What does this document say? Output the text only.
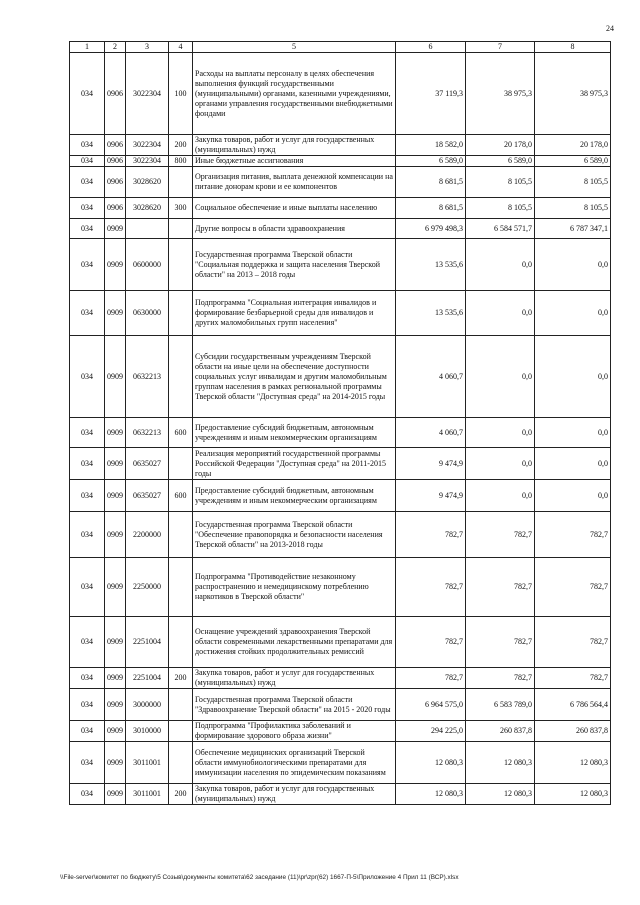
24
1	2	3	4	5	6	7	8
034	0906	3022304	100	Расходы на выплаты персоналу в целях обеспечения выполнения функций государственными (муниципальными) органами, казенными учреждениями, органами управления государственными внебюджетными фондами	37 119,3	38 975,3	38 975,3
034	0906	3022304	200	Закупка товаров, работ и услуг для государственных (муниципальных) нужд	18 582,0	20 178,0	20 178,0
034	0906	3022304	800	Иные бюджетные ассигнования	6 589,0	6 589,0	6 589,0
034	0906	3028620		Организация питания, выплата денежной компенсации на питание донорам крови и ее компонентов	8 681,5	8 105,5	8 105,5
034	0906	3028620	300	Социальное обеспечение и иные выплаты населению	8 681,5	8 105,5	8 105,5
034	0909			Другие вопросы в области здравоохранения	6 979 498,3	6 584 571,7	6 787 347,1
034	0909	0600000		Государственная программа Тверской области "Социальная поддержка и защита населения Тверской области" на 2013 – 2018 годы	13 535,6	0,0	0,0
034	0909	0630000		Подпрограмма "Социальная интеграция инвалидов и формирование безбарьерной среды для инвалидов и других маломобильных групп населения"	13 535,6	0,0	0,0
034	0909	0632213		Субсидии государственным учреждениям Тверской области на иные цели на обеспечение доступности социальных услуг инвалидам и другим маломобильным группам населения в рамках региональной программы Тверской области "Доступная среда" на 2014-2015 годы	4 060,7	0,0	0,0
034	0909	0632213	600	Предоставление субсидий бюджетным, автономным учреждениям и иным некоммерческим организациям	4 060,7	0,0	0,0
034	0909	0635027		Реализация мероприятий государственной программы Российской Федерации "Доступная среда" на 2011-2015 годы	9 474,9	0,0	0,0
034	0909	0635027	600	Предоставление субсидий бюджетным, автономным учреждениям и иным некоммерческим организациям	9 474,9	0,0	0,0
034	0909	2200000		Государственная программа Тверской области "Обеспечение правопорядка и безопасности населения Тверской области" на 2013-2018 годы	782,7	782,7	782,7
034	0909	2250000		Подпрограмма "Противодействие незаконному распространению и немедицинскому потреблению наркотиков в Тверской области"	782,7	782,7	782,7
034	0909	2251004		Оснащение учреждений здравоохранения Тверской области современными лекарственными препаратами для достижения стойких продолжительных ремиссий	782,7	782,7	782,7
034	0909	2251004	200	Закупка товаров, работ и услуг для государственных (муниципальных) нужд	782,7	782,7	782,7
034	0909	3000000		Государственная программа Тверской области "Здравоохранение Тверской области" на 2015 - 2020 годы	6 964 575,0	6 583 789,0	6 786 564,4
034	0909	3010000		Подпрограмма "Профилактика заболеваний и формирование здорового образа жизни"	294 225,0	260 837,8	260 837,8
034	0909	3011001		Обеспечение медицинских организаций Тверской области иммунобиологическими препаратами для иммунизации населения по эпидемическим показаниям	12 080,3	12 080,3	12 080,3
034	0909	3011001	200	Закупка товаров, работ и услуг для государственных (муниципальных) нужд	12 080,3	12 080,3	12 080,3
\\File-server\комитет по бюджету\5 Созыв\документы комитета\62 заседание (11)\pr\zpr(62) 1667-П-5\Приложение 4 Прил 11 (ВСР).xlsx
